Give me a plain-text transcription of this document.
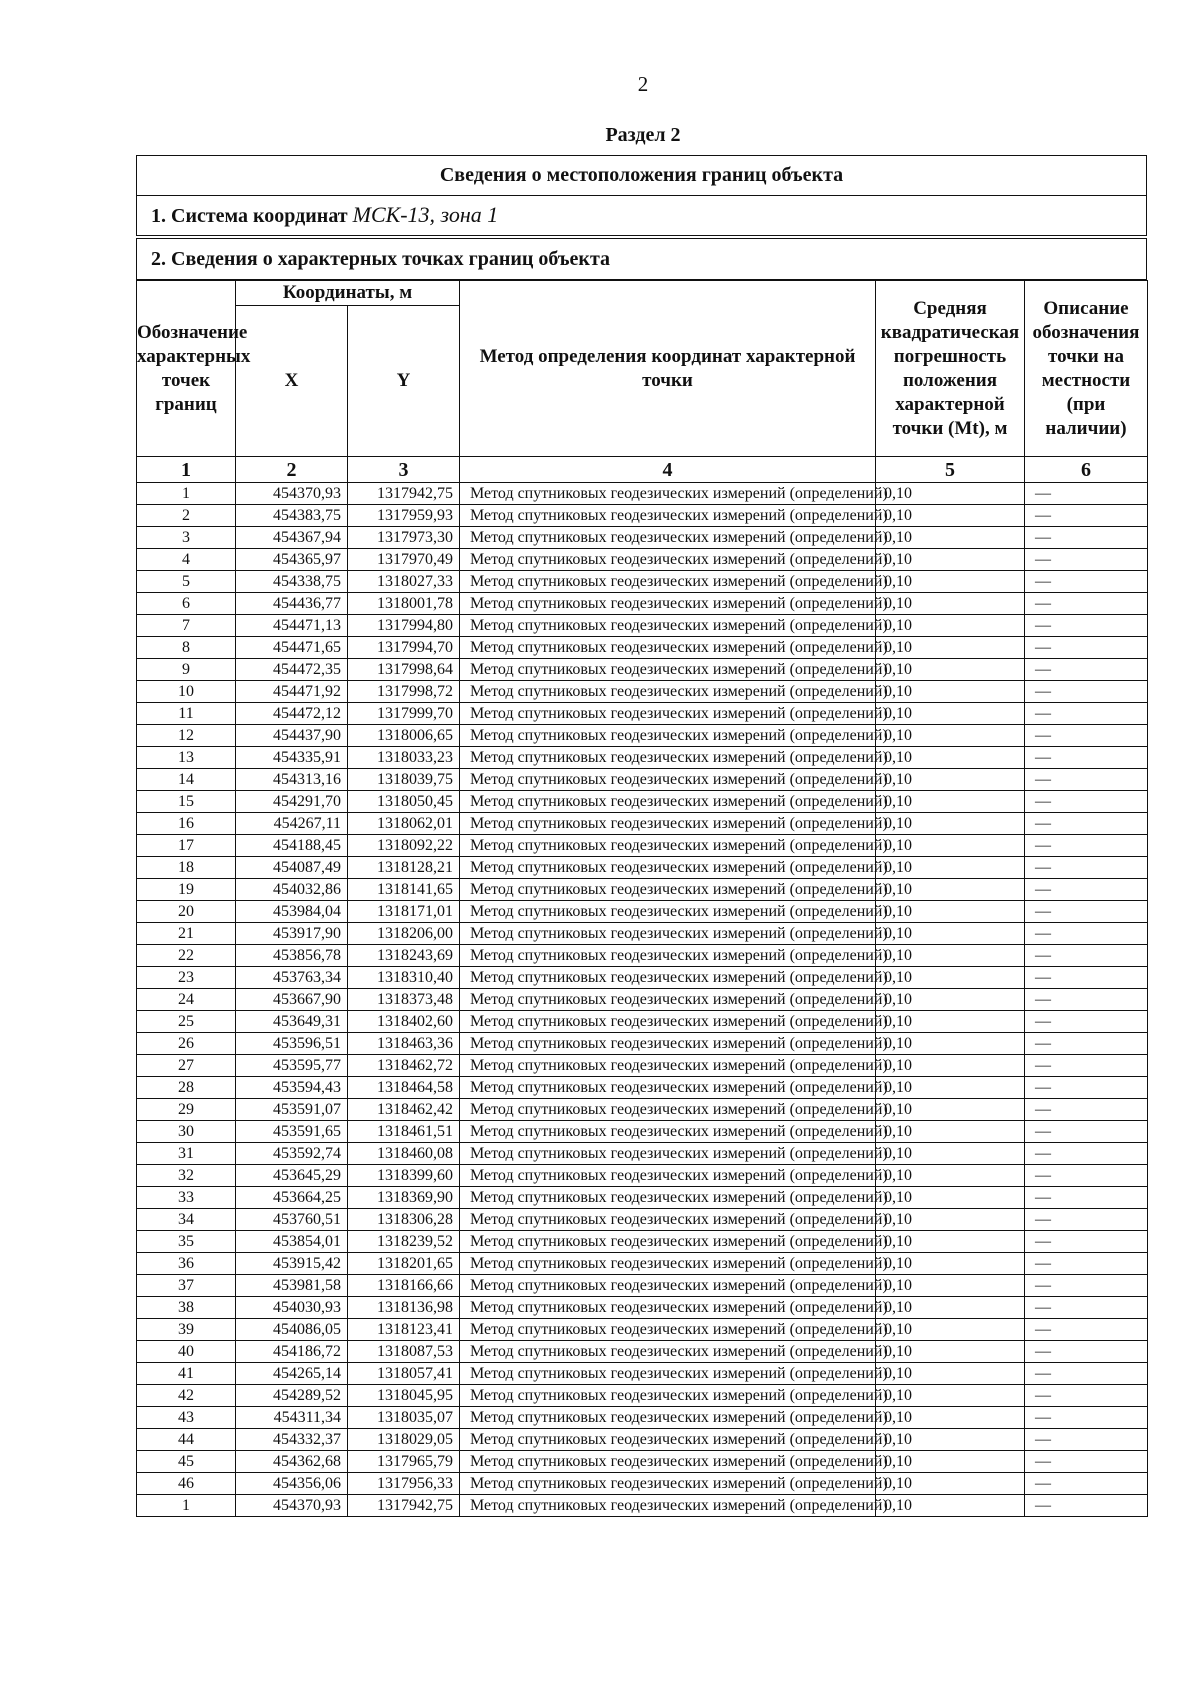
2
Раздел 2
Сведения о местоположения границ объекта
1. Система координат МСК-13, зона 1
2. Сведения о характерных точках границ объекта
Обозначение характерных точек границ	Координаты, м		Метод определения координат характерной точки	Средняя квадратическая погрешность положения характерной точки (Mt), м	Описание обозначения точки на местности (при наличии)
	X	Y			
1	2	3	4	5	6
1	454370,93	1317942,75	Метод спутниковых геодезических измерений (определений)	0,10	—
2	454383,75	1317959,93	Метод спутниковых геодезических измерений (определений)	0,10	—
3	454367,94	1317973,30	Метод спутниковых геодезических измерений (определений)	0,10	—
4	454365,97	1317970,49	Метод спутниковых геодезических измерений (определений)	0,10	—
5	454338,75	1318027,33	Метод спутниковых геодезических измерений (определений)	0,10	—
6	454436,77	1318001,78	Метод спутниковых геодезических измерений (определений)	0,10	—
7	454471,13	1317994,80	Метод спутниковых геодезических измерений (определений)	0,10	—
8	454471,65	1317994,70	Метод спутниковых геодезических измерений (определений)	0,10	—
9	454472,35	1317998,64	Метод спутниковых геодезических измерений (определений)	0,10	—
10	454471,92	1317998,72	Метод спутниковых геодезических измерений (определений)	0,10	—
11	454472,12	1317999,70	Метод спутниковых геодезических измерений (определений)	0,10	—
12	454437,90	1318006,65	Метод спутниковых геодезических измерений (определений)	0,10	—
13	454335,91	1318033,23	Метод спутниковых геодезических измерений (определений)	0,10	—
14	454313,16	1318039,75	Метод спутниковых геодезических измерений (определений)	0,10	—
15	454291,70	1318050,45	Метод спутниковых геодезических измерений (определений)	0,10	—
16	454267,11	1318062,01	Метод спутниковых геодезических измерений (определений)	0,10	—
17	454188,45	1318092,22	Метод спутниковых геодезических измерений (определений)	0,10	—
18	454087,49	1318128,21	Метод спутниковых геодезических измерений (определений)	0,10	—
19	454032,86	1318141,65	Метод спутниковых геодезических измерений (определений)	0,10	—
20	453984,04	1318171,01	Метод спутниковых геодезических измерений (определений)	0,10	—
21	453917,90	1318206,00	Метод спутниковых геодезических измерений (определений)	0,10	—
22	453856,78	1318243,69	Метод спутниковых геодезических измерений (определений)	0,10	—
23	453763,34	1318310,40	Метод спутниковых геодезических измерений (определений)	0,10	—
24	453667,90	1318373,48	Метод спутниковых геодезических измерений (определений)	0,10	—
25	453649,31	1318402,60	Метод спутниковых геодезических измерений (определений)	0,10	—
26	453596,51	1318463,36	Метод спутниковых геодезических измерений (определений)	0,10	—
27	453595,77	1318462,72	Метод спутниковых геодезических измерений (определений)	0,10	—
28	453594,43	1318464,58	Метод спутниковых геодезических измерений (определений)	0,10	—
29	453591,07	1318462,42	Метод спутниковых геодезических измерений (определений)	0,10	—
30	453591,65	1318461,51	Метод спутниковых геодезических измерений (определений)	0,10	—
31	453592,74	1318460,08	Метод спутниковых геодезических измерений (определений)	0,10	—
32	453645,29	1318399,60	Метод спутниковых геодезических измерений (определений)	0,10	—
33	453664,25	1318369,90	Метод спутниковых геодезических измерений (определений)	0,10	—
34	453760,51	1318306,28	Метод спутниковых геодезических измерений (определений)	0,10	—
35	453854,01	1318239,52	Метод спутниковых геодезических измерений (определений)	0,10	—
36	453915,42	1318201,65	Метод спутниковых геодезических измерений (определений)	0,10	—
37	453981,58	1318166,66	Метод спутниковых геодезических измерений (определений)	0,10	—
38	454030,93	1318136,98	Метод спутниковых геодезических измерений (определений)	0,10	—
39	454086,05	1318123,41	Метод спутниковых геодезических измерений (определений)	0,10	—
40	454186,72	1318087,53	Метод спутниковых геодезических измерений (определений)	0,10	—
41	454265,14	1318057,41	Метод спутниковых геодезических измерений (определений)	0,10	—
42	454289,52	1318045,95	Метод спутниковых геодезических измерений (определений)	0,10	—
43	454311,34	1318035,07	Метод спутниковых геодезических измерений (определений)	0,10	—
44	454332,37	1318029,05	Метод спутниковых геодезических измерений (определений)	0,10	—
45	454362,68	1317965,79	Метод спутниковых геодезических измерений (определений)	0,10	—
46	454356,06	1317956,33	Метод спутниковых геодезических измерений (определений)	0,10	—
1	454370,93	1317942,75	Метод спутниковых геодезических измерений (определений)	0,10	—
